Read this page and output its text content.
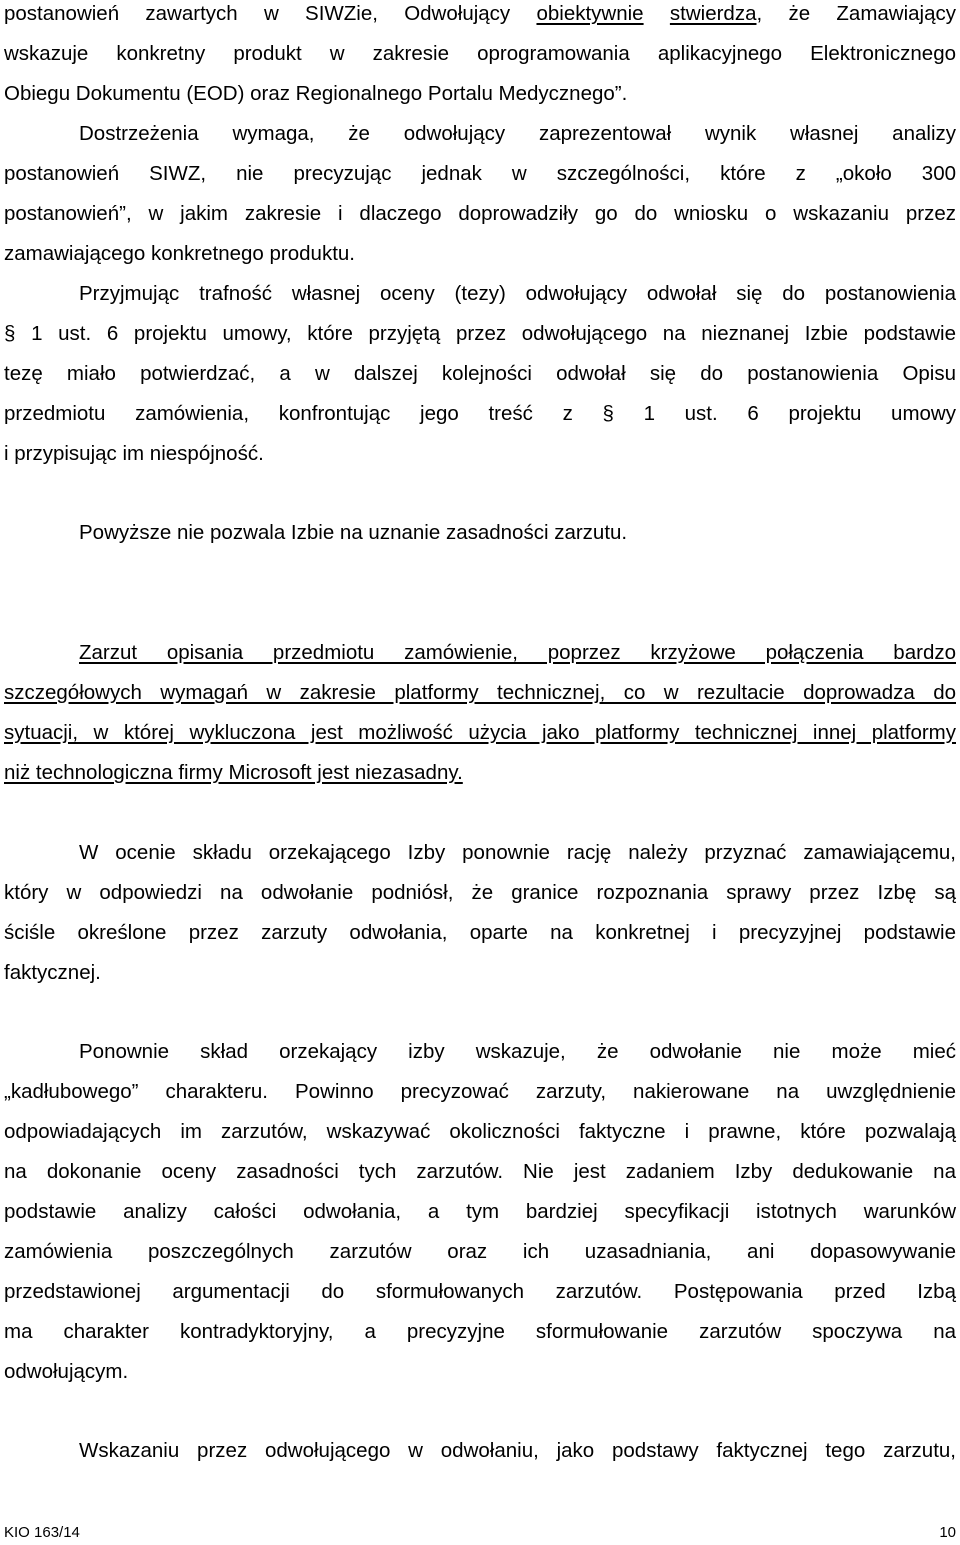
postanowień zawartych w SIWZie, Odwołujący obiektywnie stwierdza, że Zamawiający
wskazuje konkretny produkt w zakresie oprogramowania aplikacyjnego Elektronicznego
Obiegu Dokumentu (EOD) oraz Regionalnego Portalu Medycznego”.
Dostrzeżenia wymaga, że odwołujący zaprezentował wynik własnej analizy
postanowień SIWZ, nie precyzując jednak w szczególności, które z „około 300
postanowień”, w jakim zakresie i dlaczego doprowadziły go do wniosku o wskazaniu przez
zamawiającego konkretnego produktu.
Przyjmując trafność własnej oceny (tezy) odwołujący odwołał się do postanowienia
§ 1 ust. 6 projektu umowy, które przyjętą przez odwołującego na nieznanej Izbie podstawie
tezę miało potwierdzać, a w dalszej kolejności odwołał się do postanowienia Opisu
przedmiotu zamówienia, konfrontując jego treść z § 1 ust. 6 projektu umowy
i przypisując im niespójność.
Powyższe nie pozwala Izbie na uznanie zasadności zarzutu.
Zarzut opisania przedmiotu zamówienie, poprzez krzyżowe połączenia bardzo
szczegółowych wymagań w zakresie platformy technicznej, co w rezultacie doprowadza do
sytuacji, w której wykluczona jest możliwość użycia jako platformy technicznej innej platformy
niż technologiczna firmy Microsoft jest niezasadny.
W ocenie składu orzekającego Izby ponownie rację należy przyznać zamawiającemu,
który w odpowiedzi na odwołanie podniósł, że granice rozpoznania sprawy przez Izbę są
ściśle określone przez zarzuty odwołania, oparte na konkretnej i precyzyjnej podstawie
faktycznej.
Ponownie skład orzekający izby wskazuje, że odwołanie nie może mieć
„kadłubowego” charakteru. Powinno precyzować zarzuty, nakierowane na uwzględnienie
odpowiadających im zarzutów, wskazywać okoliczności faktyczne i prawne, które pozwalają
na dokonanie oceny zasadności tych zarzutów. Nie jest zadaniem Izby dedukowanie na
podstawie analizy całości odwołania, a tym bardziej specyfikacji istotnych warunków
zamówienia poszczególnych zarzutów oraz ich uzasadniania, ani dopasowywanie
przedstawionej argumentacji do sformułowanych zarzutów. Postępowania przed Izbą
ma charakter kontradyktoryjny, a precyzyjne sformułowanie zarzutów spoczywa na
odwołującym.
Wskazaniu przez odwołującego w odwołaniu, jako podstawy faktycznej tego zarzutu,
KIO 163/14	10
